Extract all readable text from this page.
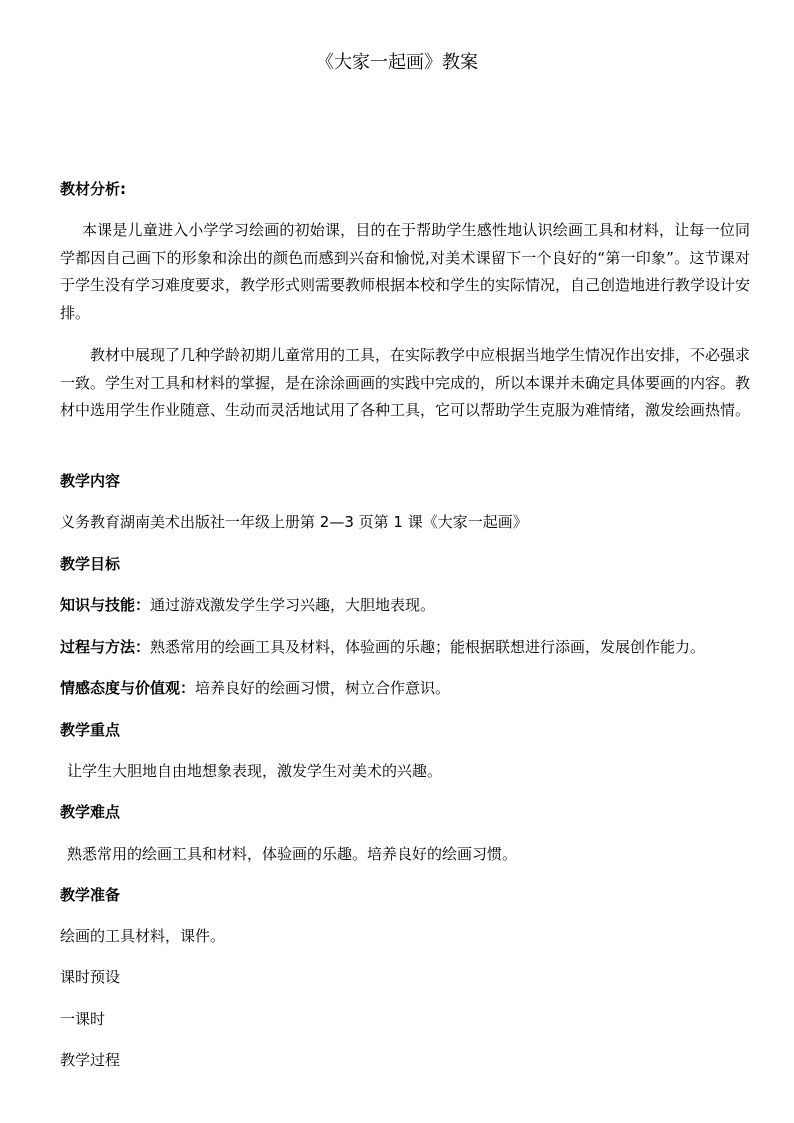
《大家一起画》教案

教材分析:

本课是儿童进入小学学习绘画的初始课，目的在于帮助学生感性地认识绘画工具和材料，让每一位同学都因自己画下的形象和涂出的颜色而感到兴奋和愉悦,对美术课留下一个良好的“第一印象”。这节课对于学生没有学习难度要求，教学形式则需要教师根据本校和学生的实际情况，自己创造地进行教学设计安排。

教材中展现了几种学龄初期儿童常用的工具，在实际教学中应根据当地学生情况作出安排，不必强求一致。学生对工具和材料的掌握，是在涂涂画画的实践中完成的，所以本课并未确定具体要画的内容。教材中选用学生作业随意、生动而灵活地试用了各种工具，它可以帮助学生克服为难情绪，激发绘画热情。

教学内容

义务教育湖南美术出版社一年级上册第 2—3 页第 1 课《大家一起画》

教学目标

知识与技能：通过游戏激发学生学习兴趣，大胆地表现。

过程与方法：熟悉常用的绘画工具及材料，体验画的乐趣；能根据联想进行添画，发展创作能力。

情感态度与价值观：培养良好的绘画习惯，树立合作意识。

教学重点

让学生大胆地自由地想象表现，激发学生对美术的兴趣。

教学难点

熟悉常用的绘画工具和材料，体验画的乐趣。培养良好的绘画习惯。

教学准备

绘画的工具材料，课件。

课时预设

一课时

教学过程
